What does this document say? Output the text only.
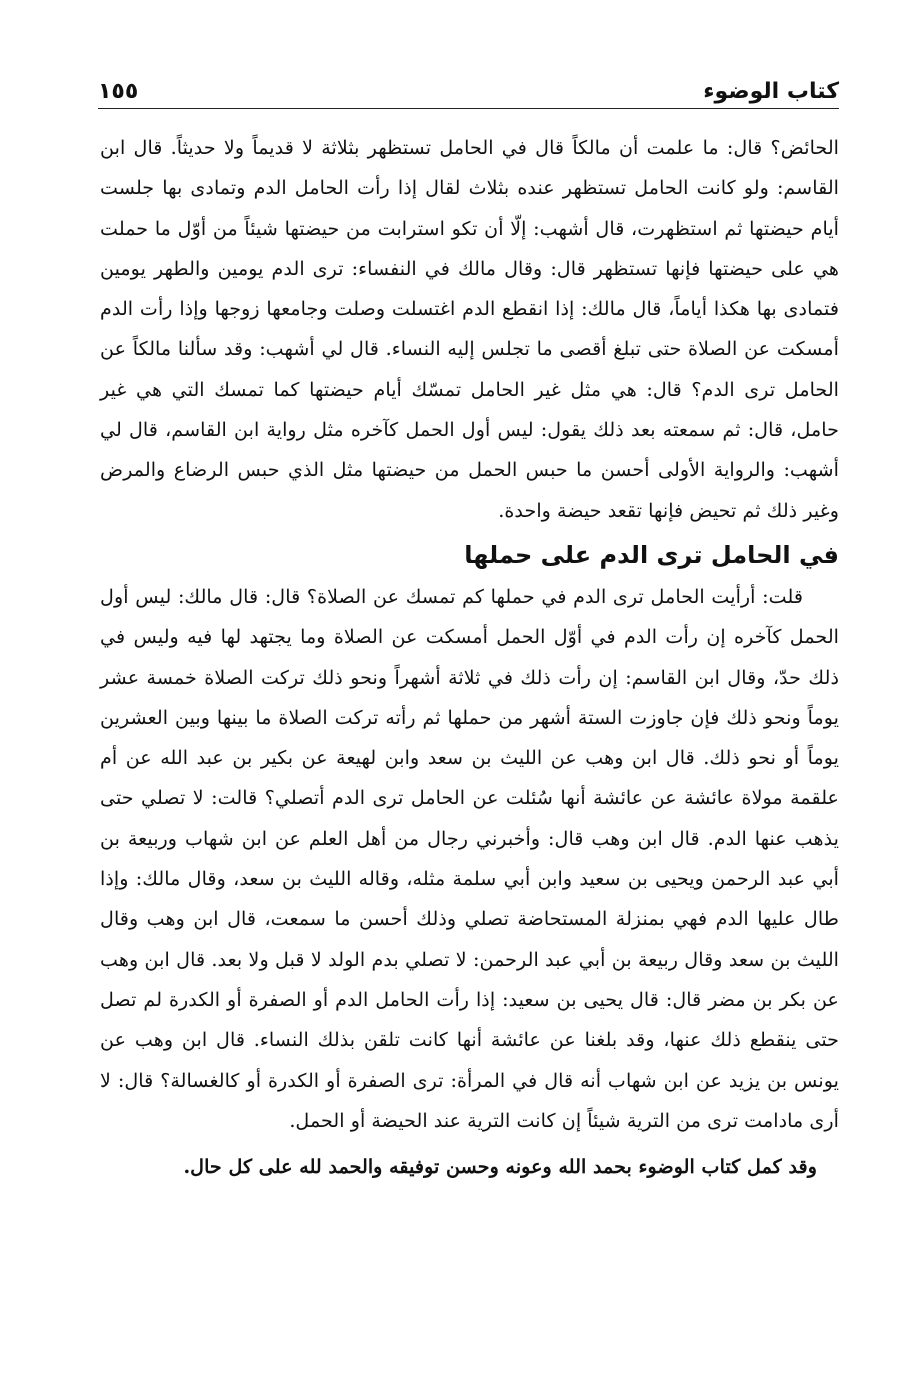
كتاب الوضوء
١٥٥

الحائض؟ قال: ما علمت أن مالكاً قال في الحامل تستظهر بثلاثة لا قديماً ولا حديثاً. قال ابن القاسم: ولو كانت الحامل تستظهر عنده بثلاث لقال إذا رأت الحامل الدم وتمادى بها جلست أيام حيضتها ثم استظهرت، قال أشهب: إلّا أن تكو استرابت من حيضتها شيئاً من أوّل ما حملت هي على حيضتها فإنها تستظهر قال: وقال مالك في النفساء: ترى الدم يومين والطهر يومين فتمادى بها هكذا أياماً، قال مالك: إذا انقطع الدم اغتسلت وصلت وجامعها زوجها وإذا رأت الدم أمسكت عن الصلاة حتى تبلغ أقصى ما تجلس إليه النساء. قال لي أشهب: وقد سألنا مالكاً عن الحامل ترى الدم؟ قال: هي مثل غير الحامل تمسّك أيام حيضتها كما تمسك التي هي غير حامل، قال: ثم سمعته بعد ذلك يقول: ليس أول الحمل كآخره مثل رواية ابن القاسم، قال لي أشهب: والرواية الأولى أحسن ما حبس الحمل من حيضتها مثل الذي حبس الرضاع والمرض وغير ذلك ثم تحيض فإنها تقعد حيضة واحدة.

في الحامل ترى الدم على حملها

قلت: أرأيت الحامل ترى الدم في حملها كم تمسك عن الصلاة؟ قال: قال مالك: ليس أول الحمل كآخره إن رأت الدم في أوّل الحمل أمسكت عن الصلاة وما يجتهد لها فيه وليس في ذلك حدّ، وقال ابن القاسم: إن رأت ذلك في ثلاثة أشهراً ونحو ذلك تركت الصلاة خمسة عشر يوماً ونحو ذلك فإن جاوزت الستة أشهر من حملها ثم رأته تركت الصلاة ما بينها وبين العشرين يوماً أو نحو ذلك. قال ابن وهب عن الليث بن سعد وابن لهيعة عن بكير بن عبد الله عن أم علقمة مولاة عائشة عن عائشة أنها سُئلت عن الحامل ترى الدم أتصلي؟ قالت: لا تصلي حتى يذهب عنها الدم. قال ابن وهب قال: وأخبرني رجال من أهل العلم عن ابن شهاب وربيعة بن أبي عبد الرحمن ويحيى بن سعيد وابن أبي سلمة مثله، وقاله الليث بن سعد، وقال مالك: وإذا طال عليها الدم فهي بمنزلة المستحاضة تصلي وذلك أحسن ما سمعت، قال ابن وهب وقال الليث بن سعد وقال ربيعة بن أبي عبد الرحمن: لا تصلي بدم الولد لا قبل ولا بعد. قال ابن وهب عن بكر بن مضر قال: قال يحيى بن سعيد: إذا رأت الحامل الدم أو الصفرة أو الكدرة لم تصل حتى ينقطع ذلك عنها، وقد بلغنا عن عائشة أنها كانت تلقن بذلك النساء. قال ابن وهب عن يونس بن يزيد عن ابن شهاب أنه قال في المرأة: ترى الصفرة أو الكدرة أو كالغسالة؟ قال: لا أرى مادامت ترى من الترية شيئاً إن كانت الترية عند الحيضة أو الحمل.

وقد كمل كتاب الوضوء بحمد الله وعونه وحسن توفيقه والحمد لله على كل حال.
